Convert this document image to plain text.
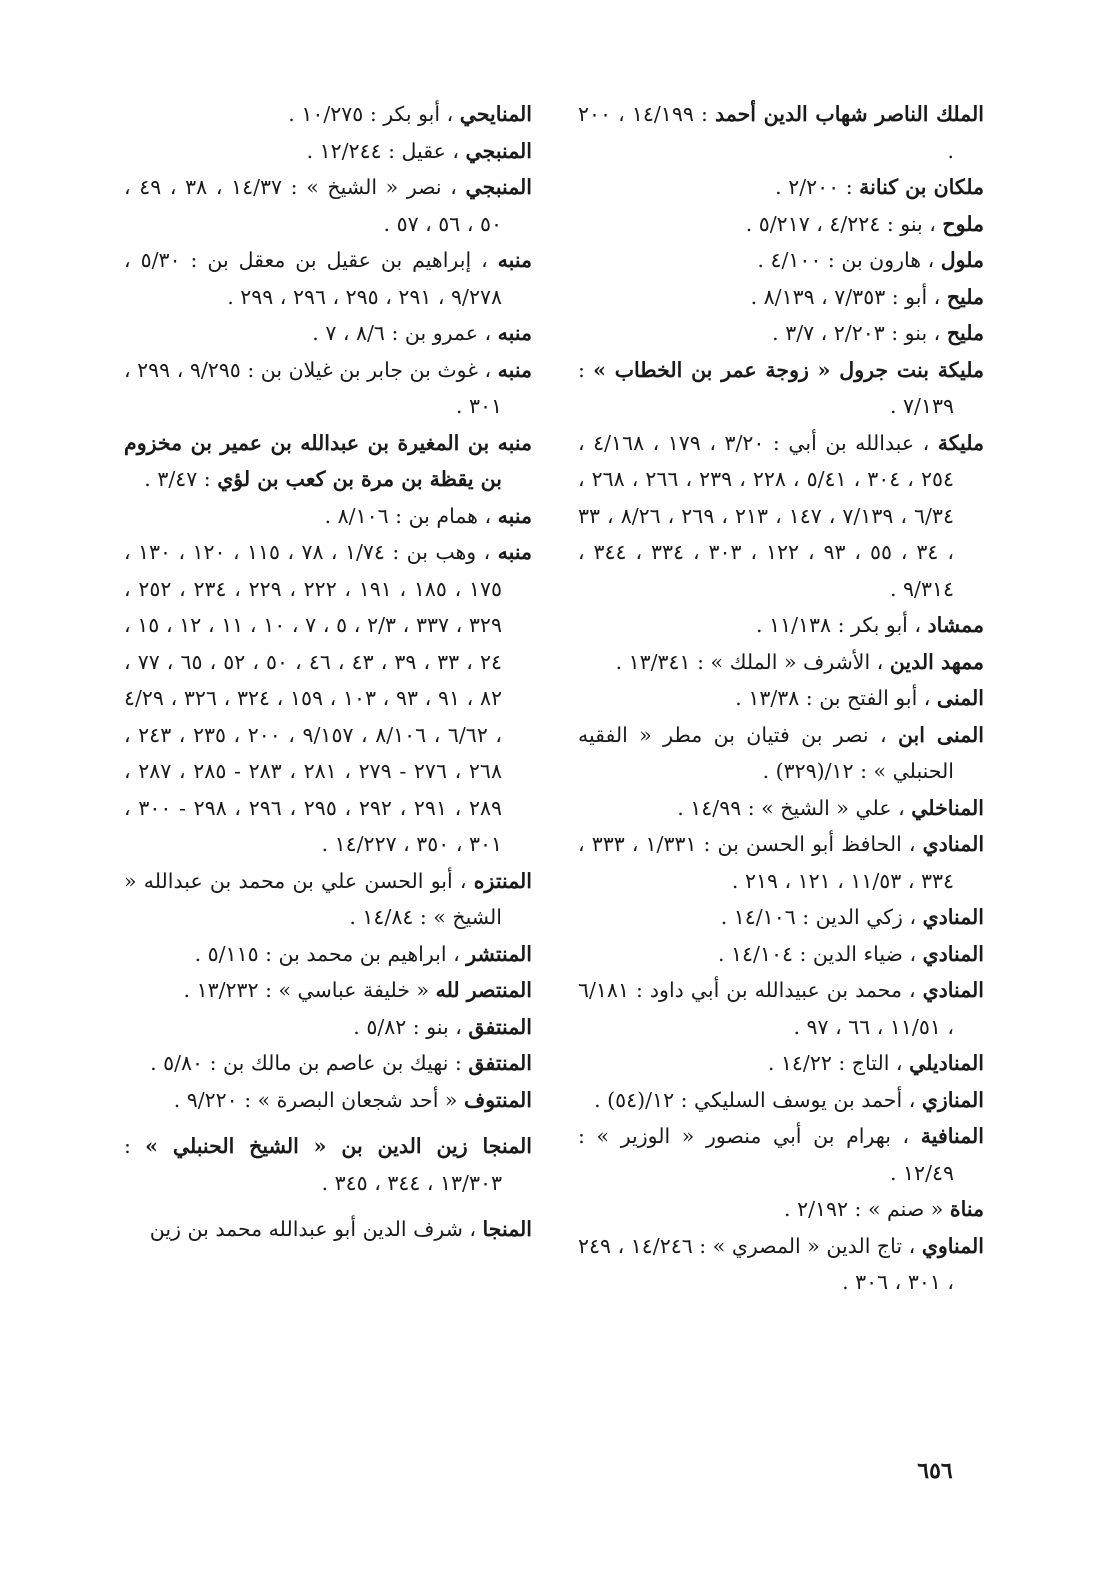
الملك الناصر شهاب الدين أحمد : ١٤/١٩٩ ، ٢٠٠ .

ملكان بن كنانة : ٢/٢٠٠ .

ملوح ، بنو : ٤/٢٢٤ ، ٥/٢١٧ .

ملول ، هارون بن : ٤/١٠٠ .

مليح ، أبو : ٧/٣٥٣ ، ٨/١٣٩ .

مليح ، بنو : ٢/٢٠٣ ، ٣/٧ .

مليكة بنت جرول « زوجة عمر بن الخطاب » : ٧/١٣٩ .

مليكة ، عبدالله بن أبي : ٣/٢٠ ، ١٧٩ ، ٤/١٦٨ ، ٢٥٤ ، ٣٠٤ ، ٥/٤١ ، ٢٢٨ ، ٢٣٩ ، ٢٦٦ ، ٢٦٨ ، ٦/٣٤ ، ٧/١٣٩ ، ١٤٧ ، ٢١٣ ، ٢٦٩ ، ٨/٢٦ ، ٣٣ ، ٣٤ ، ٥٥ ، ٩٣ ، ١٢٢ ، ٣٠٣ ، ٣٣٤ ، ٣٤٤ ، ٩/٣١٤ .

ممشاد ، أبو بكر : ١١/١٣٨ .

ممهد الدين ، الأشرف « الملك » : ١٣/٣٤١ .

المنى ، أبو الفتح بن : ١٣/٣٨ .

المنى ابن ، نصر بن فتيان بن مطر « الفقيه الحنبلي » : ١٢/(٣٢٩) .

المناخلي ، علي « الشيخ » : ١٤/٩٩ .

المنادي ، الحافظ أبو الحسن بن : ١/٣٣١ ، ٣٣٣ ، ٣٣٤ ، ١١/٥٣ ، ١٢١ ، ٢١٩ .

المنادي ، زكي الدين : ١٤/١٠٦ .

المنادي ، ضياء الدين : ١٤/١٠٤ .

المنادي ، محمد بن عبيدالله بن أبي داود : ٦/١٨١ ، ١١/٥١ ، ٦٦ ، ٩٧ .

المناديلي ، التاج : ١٤/٢٢ .

المنازي ، أحمد بن يوسف السليكي : ١٢/(٥٤) .

المنافية ، بهرام بن أبي منصور « الوزير » : ١٢/٤٩ .

مناة « صنم » : ٢/١٩٢ .

المناوي ، تاج الدين « المصري » : ١٤/٢٤٦ ، ٢٤٩ ، ٣٠١ ، ٣٠٦ .

المنايحي ، أبو بكر : ١٠/٢٧٥ .

المنبجي ، عقيل : ١٢/٢٤٤ .

المنبجي ، نصر « الشيخ » : ١٤/٣٧ ، ٣٨ ، ٤٩ ، ٥٠ ، ٥٦ ، ٥٧ .

منبه ، إبراهيم بن عقيل بن معقل بن : ٥/٣٠ ، ٩/٢٧٨ ، ٢٩١ ، ٢٩٥ ، ٢٩٦ ، ٢٩٩ .

منبه ، عمرو بن : ٨/٦ ، ٧ .

منبه ، غوث بن جابر بن غيلان بن : ٩/٢٩٥ ، ٢٩٩ ، ٣٠١ .

منبه بن المغيرة بن عبدالله بن عمير بن مخزوم بن يقظة بن مرة بن كعب بن لؤي : ٣/٤٧ .

منبه ، همام بن : ٨/١٠٦ .

منبه ، وهب بن : ١/٧٤ ، ٧٨ ، ١١٥ ، ١٢٠ ، ١٣٠ ، ١٧٥ ، ١٨٥ ، ١٩١ ، ٢٢٢ ، ٢٢٩ ، ٢٣٤ ، ٢٥٢ ، ٣٢٩ ، ٣٣٧ ، ٢/٣ ، ٥ ، ٧ ، ١٠ ، ١١ ، ١٢ ، ١٥ ، ٢٤ ، ٣٣ ، ٣٩ ، ٤٣ ، ٤٦ ، ٥٠ ، ٥٢ ، ٦٥ ، ٧٧ ، ٨٢ ، ٩١ ، ٩٣ ، ١٠٣ ، ١٥٩ ، ٣٢٤ ، ٣٢٦ ، ٤/٢٩ ، ٦/٦٢ ، ٨/١٠٦ ، ٩/١٥٧ ، ٢٠٠ ، ٢٣٥ ، ٢٤٣ ، ٢٦٨ ، ٢٧٦ - ٢٧٩ ، ٢٨١ ، ٢٨٣ - ٢٨٥ ، ٢٨٧ ، ٢٨٩ ، ٢٩١ ، ٢٩٢ ، ٢٩٥ ، ٢٩٦ ، ٢٩٨ - ٣٠٠ ، ٣٠١ ، ٣٥٠ ، ١٤/٢٢٧ .

المنتزه ، أبو الحسن علي بن محمد بن عبدالله « الشيخ » : ١٤/٨٤ .

المنتشر ، ابراهيم بن محمد بن : ٥/١١٥ .

المنتصر لله « خليفة عباسي » : ١٣/٢٣٢ .

المنتفق ، بنو : ٥/٨٢ .

المنتفق : نهيك بن عاصم بن مالك بن : ٥/٨٠ .

المنتوف « أحد شجعان البصرة » : ٩/٢٢٠ .

المنجا زين الدين بن « الشيخ الحنبلي » : ١٣/٣٠٣ ، ٣٤٤ ، ٣٤٥ .

المنجا ، شرف الدين أبو عبدالله محمد بن زين

٦٥٦
